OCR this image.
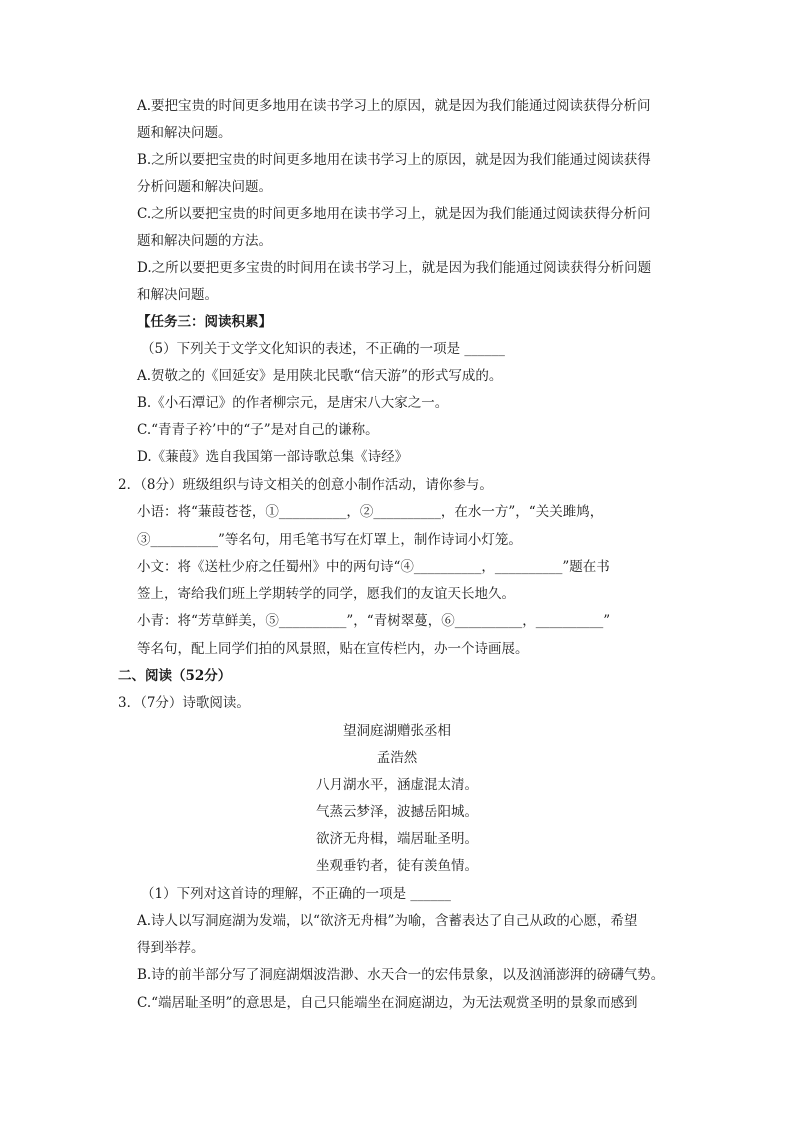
A.要把宝贵的时间更多地用在读书学习上的原因，就是因为我们能通过阅读获得分析问
题和解决问题。
B.之所以要把宝贵的时间更多地用在读书学习上的原因，就是因为我们能通过阅读获得
分析问题和解决问题。
C.之所以要把宝贵的时间更多地用在读书学习上，就是因为我们能通过阅读获得分析问
题和解决问题的方法。
D.之所以要把更多宝贵的时间用在读书学习上，就是因为我们能通过阅读获得分析问题
和解决问题。
【任务三：阅读积累】
（5）下列关于文学文化知识的表述，不正确的一项是 ______
A.贺敬之的《回延安》是用陕北民歌“信天游”的形式写成的。
B.《小石潭记》的作者柳宗元，是唐宋八大家之一。
C.“青青子衿’中的“子”是对自己的谦称。
D.《蒹葭》选自我国第一部诗歌总集《诗经》
2．（8分）班级组织与诗文相关的创意小制作活动，请你参与。
小语：将“蒹葭苍苍，①__________，②__________，在水一方”，“关关雎鸠，
③__________”等名句，用毛笔书写在灯罩上，制作诗词小灯笼。
小文：将《送杜少府之任蜀州》中的两句诗“④__________，__________”题在书
签上，寄给我们班上学期转学的同学，愿我们的友谊天长地久。
小青：将“芳草鲜美，⑤__________”，“青树翠蔓，⑥__________，__________”
等名句，配上同学们拍的风景照，贴在宣传栏内，办一个诗画展。
二、阅读（52分）
3．（7分）诗歌阅读。
望洞庭湖赠张丞相
孟浩然
八月湖水平，涵虚混太清。
气蒸云梦泽，波撼岳阳城。
欲济无舟楫，端居耻圣明。
坐观垂钓者，徒有羡鱼情。
（1）下列对这首诗的理解，不正确的一项是 ______
A.诗人以写洞庭湖为发端，以“欲济无舟楫”为喻，含蓄表达了自己从政的心愿，希望
得到举荐。
B.诗的前半部分写了洞庭湖烟波浩渺、水天合一的宏伟景象，以及汹涌澎湃的磅礴气势。
C.“端居耻圣明”的意思是，自己只能端坐在洞庭湖边，为无法观赏圣明的景象而感到
